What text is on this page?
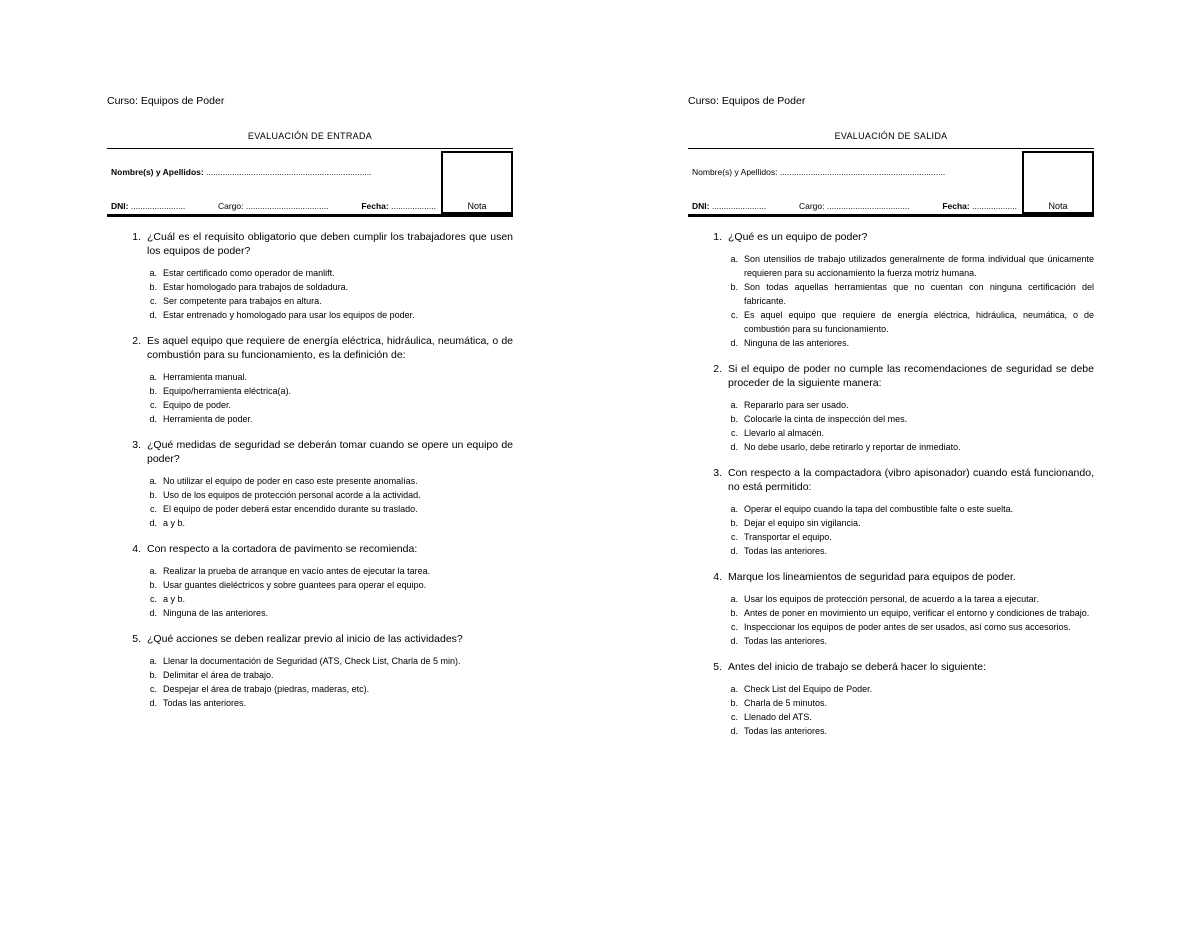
Curso: Equipos de Poder
EVALUACIÓN DE ENTRADA
Nombre(s) y Apellidos: ......................................................................
DNI: .......................	Cargo: ...................................	Fecha: ...................	Nota
1. ¿Cuál es el requisito obligatorio que deben cumplir los trabajadores que usen los equipos de poder?
a. Estar certificado como operador de manlift.
b. Estar homologado para trabajos de soldadura.
c. Ser competente para trabajos en altura.
d. Estar entrenado y homologado para usar los equipos de poder.
2. Es aquel equipo que requiere de energía eléctrica, hidráulica, neumática, o de combustión para su funcionamiento, es la definición de:
a. Herramienta manual.
b. Equipo/herramienta eléctrica(a).
c. Equipo de poder.
d. Herramienta de poder.
3. ¿Qué medidas de seguridad se deberán tomar cuando se opere un equipo de poder?
a. No utilizar el equipo de poder en caso este presente anomalías.
b. Uso de los equipos de protección personal acorde a la actividad.
c. El equipo de poder deberá estar encendido durante su traslado.
d. a y b.
4. Con respecto a la cortadora de pavimento se recomienda:
a. Realizar la prueba de arranque en vacío antes de ejecutar la tarea.
b. Usar guantes dieléctricos y sobre guantees para operar el equipo.
c. a y b.
d. Ninguna de las anteriores.
5. ¿Qué acciones se deben realizar previo al inicio de las actividades?
a. Llenar la documentación de Seguridad (ATS, Check List, Charla de 5 min).
b. Delimitar el área de trabajo.
c. Despejar el área de trabajo (piedras, maderas, etc).
d. Todas las anteriores.
Curso: Equipos de Poder
EVALUACIÓN DE SALIDA
Nombre(s) y Apellidos: ......................................................................
DNI: .......................	Cargo: ...................................	Fecha: ...................	Nota
1. ¿Qué es un equipo de poder?
a. Son utensilios de trabajo utilizados generalmente de forma individual que únicamente requieren para su accionamiento la fuerza motriz humana.
b. Son todas aquellas herramientas que no cuentan con ninguna certificación del fabricante.
c. Es aquel equipo que requiere de energía eléctrica, hidráulica, neumática, o de combustión para su funcionamiento.
d. Ninguna de las anteriores.
2. Si el equipo de poder no cumple las recomendaciones de seguridad se debe proceder de la siguiente manera:
a. Repararlo para ser usado.
b. Colocarle la cinta de inspección del mes.
c. Llevarlo al almacén.
d. No debe usarlo, debe retirarlo y reportar de inmediato.
3. Con respecto a la compactadora (vibro apisonador) cuando está funcionando, no está permitido:
a. Operar el equipo cuando la tapa del combustible falte o este suelta.
b. Dejar el equipo sin vigilancia.
c. Transportar el equipo.
d. Todas las anteriores.
4. Marque los lineamientos de seguridad para equipos de poder.
a. Usar los equipos de protección personal, de acuerdo a la tarea a ejecutar.
b. Antes de poner en movimiento un equipo, verificar el entorno y condiciones de trabajo.
c. Inspeccionar los equipos de poder antes de ser usados, así como sus accesorios.
d. Todas las anteriores.
5. Antes del inicio de trabajo se deberá hacer lo siguiente:
a. Check List del Equipo de Poder.
b. Charla de 5 minutos.
c. Llenado del ATS.
d. Todas las anteriores.
